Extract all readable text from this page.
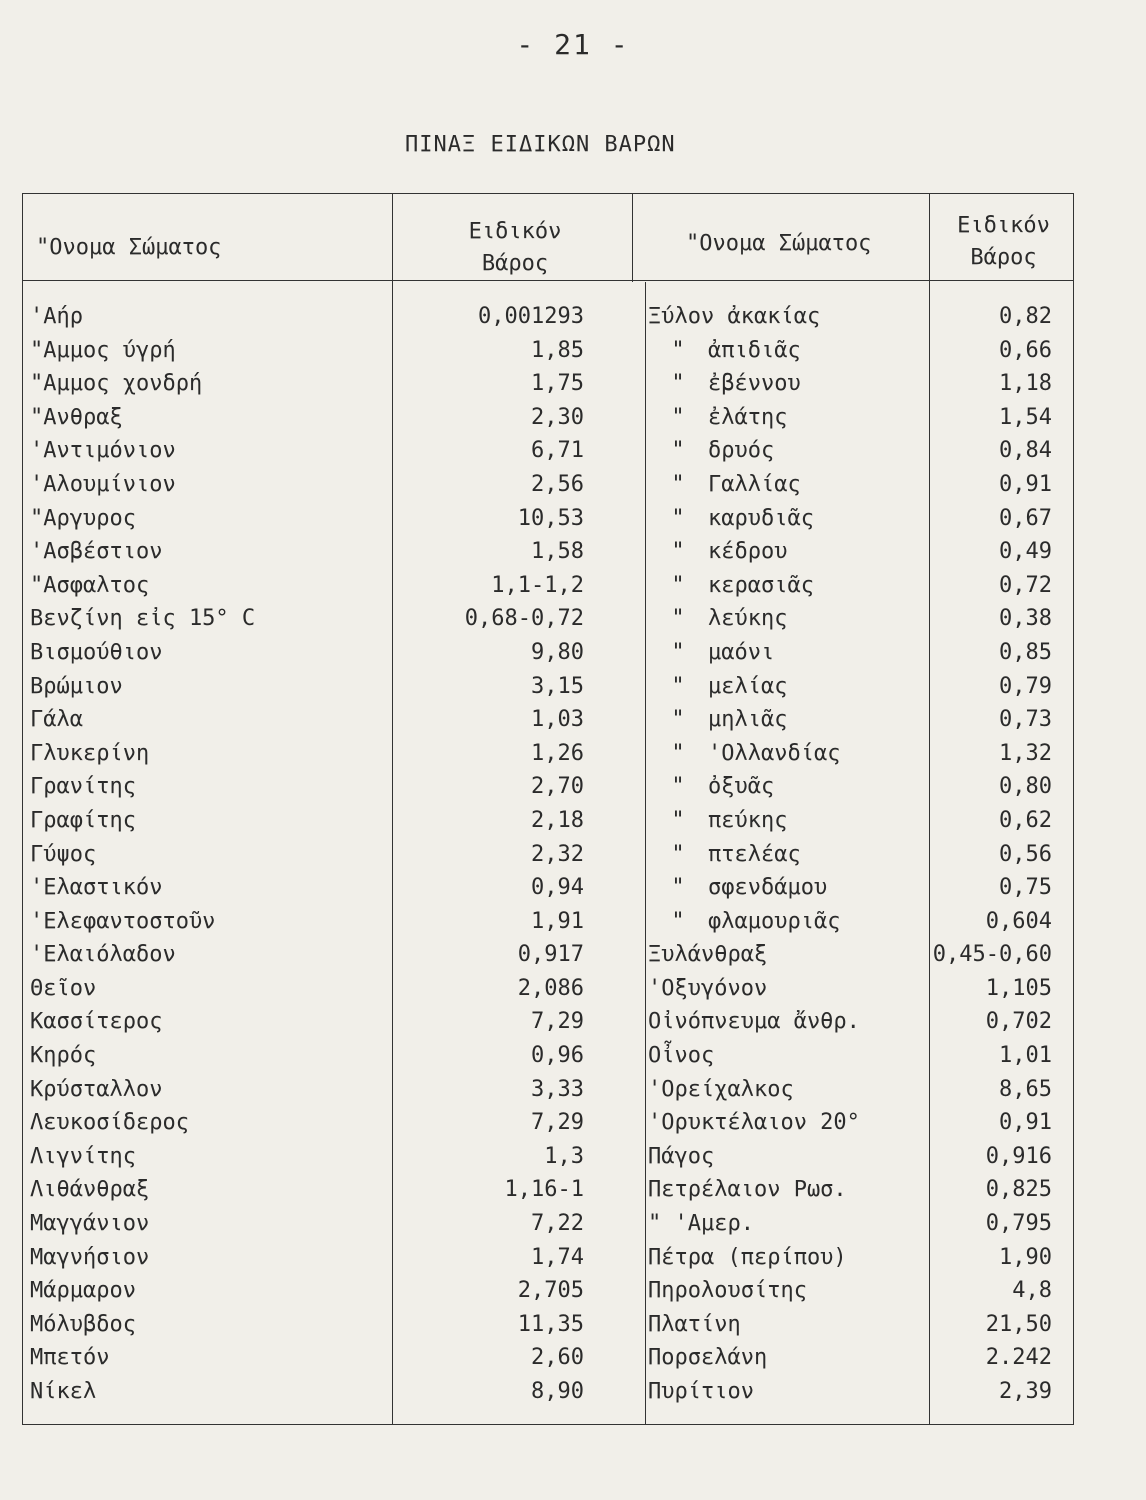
- 21 -
ΠΙΝΑΞ ΕΙΔΙΚΩΝ ΒΑΡΩΝ
"Ονομα Σώματος
Ειδικόν
Βάρος
"Ονομα Σώματος
Ειδικόν
Βάρος
'Αήρ
"Αμμος ύγρή
"Αμμος χονδρή
"Ανθραξ
'Αντιμόνιον
'Αλουμίνιον
"Αργυρος
'Ασβέστιον
"Ασφαλτος
Βενζίνη εἰς 15° C
Βισμούθιον
Βρώμιον
Γάλα
Γλυκερίνη
Γρανίτης
Γραφίτης
Γύψος
'Ελαστικόν
'Ελεφαντοστοῦν
'Ελαιόλαδον
Θεῖον
Κασσίτερος
Κηρός
Κρύσταλλον
Λευκοσίδερος
Λιγνίτης
Λιθάνθραξ
Μαγγάνιον
Μαγνήσιον
Μάρμαρον
Μόλυβδος
Μπετόν
Νίκελ
0,001293
1,85
1,75
2,30
6,71
2,56
10,53
1,58
1,1-1,2
0,68-0,72
9,80
3,15
1,03
1,26
2,70
2,18
2,32
0,94
1,91
0,917
2,086
7,29
0,96
3,33
7,29
1,3
1,16-1
7,22
1,74
2,705
11,35
2,60
8,90
Ξύλον ἀκακίας
" ἀπιδιᾶς
" ἐβέννου
" ἐλάτης
" δρυός
" Γαλλίας
" καρυδιᾶς
" κέδρου
" κερασιᾶς
" λεύκης
" μαόνι
" μελίας
" μηλιᾶς
" 'Ολλανδίας
" ὀξυᾶς
" πεύκης
" πτελέας
" σφενδάμου
" φλαμουριᾶς
Ξυλάνθραξ
'Οξυγόνον
Οἰνόπνευμα ἄνθρ.
Οἶνος
'Ορείχαλκος
'Ορυκτέλαιον 20°
Πάγος
Πετρέλαιον Ρωσ.
" 'Αμερ.
Πέτρα (περίπου)
Πηρολουσίτης
Πλατίνη
Πορσελάνη
Πυρίτιον
0,82
0,66
1,18
1,54
0,84
0,91
0,67
0,49
0,72
0,38
0,85
0,79
0,73
1,32
0,80
0,62
0,56
0,75
0,604
0,45-0,60
1,105
0,702
1,01
8,65
0,91
0,916
0,825
0,795
1,90
4,8
21,50
2.242
2,39
